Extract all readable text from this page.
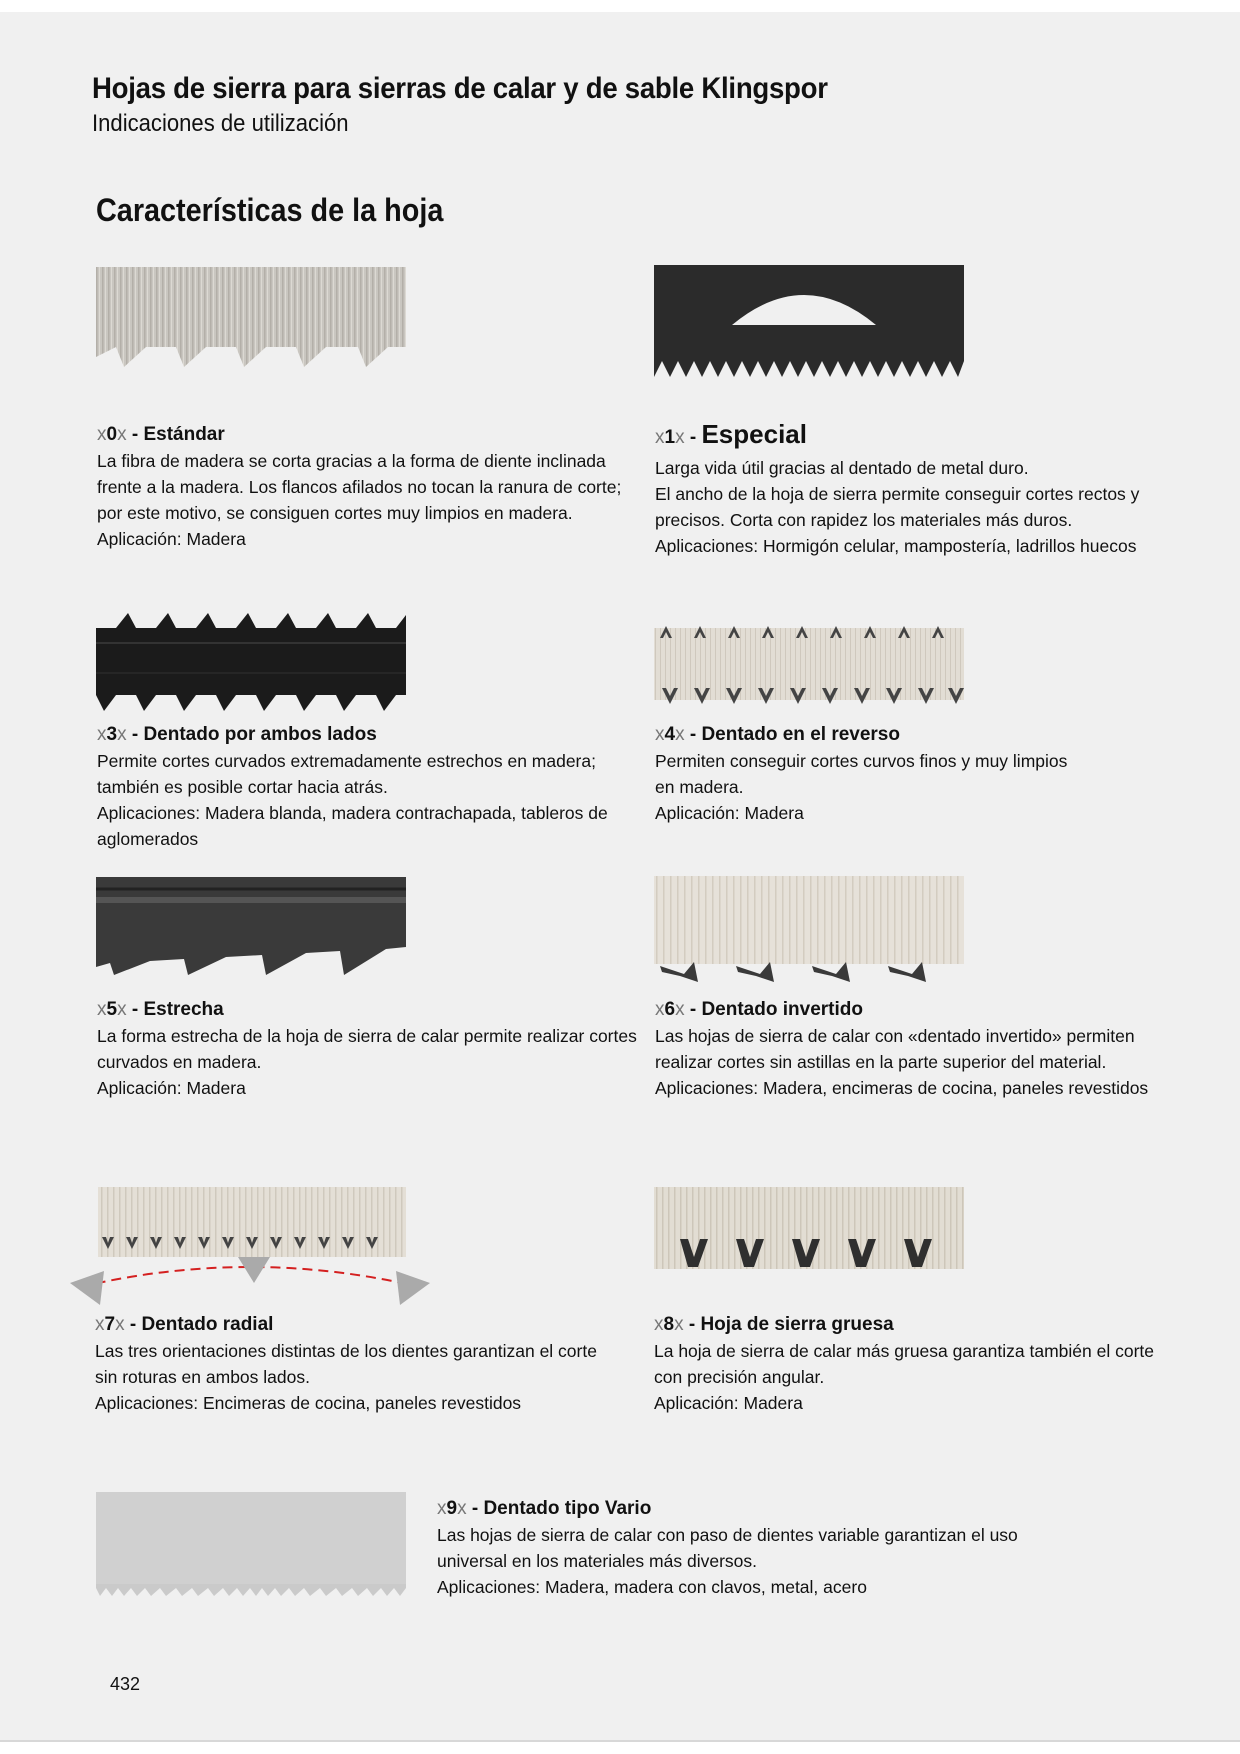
Hojas de sierra para sierras de calar y de sable Klingspor
Indicaciones de utilización
Características de la hoja
x0x - Estándar
La fibra de madera se corta gracias a la forma de diente inclinada
frente a la madera. Los flancos afilados no tocan la ranura de corte;
por este motivo, se consiguen cortes muy limpios en madera.
Aplicación: Madera
x1x - Especial
Larga vida útil gracias al dentado de metal duro.
El ancho de la hoja de sierra permite conseguir cortes rectos y
precisos. Corta con rapidez los materiales más duros.
Aplicaciones: Hormigón celular, mampostería, ladrillos huecos
x3x - Dentado por ambos lados
Permite cortes curvados extremadamente estrechos en madera;
también es posible cortar hacia atrás.
Aplicaciones: Madera blanda, madera contrachapada, tableros de
aglomerados
x4x - Dentado en el reverso
Permiten conseguir cortes curvos finos y muy limpios
en madera.
Aplicación: Madera
x5x - Estrecha
La forma estrecha de la hoja de sierra de calar permite realizar cortes
curvados en madera.
Aplicación: Madera
x6x - Dentado invertido
Las hojas de sierra de calar con «dentado invertido» permiten
realizar cortes sin astillas en la parte superior del material.
Aplicaciones: Madera, encimeras de cocina, paneles revestidos
x7x - Dentado radial
Las tres orientaciones distintas de los dientes garantizan el corte
sin roturas en ambos lados.
Aplicaciones: Encimeras de cocina, paneles revestidos
x8x - Hoja de sierra gruesa
La hoja de sierra de calar más gruesa garantiza también el corte
con precisión angular.
Aplicación: Madera
x9x - Dentado tipo Vario
Las hojas de sierra de calar con paso de dientes variable garantizan el uso
universal en los materiales más diversos.
Aplicaciones: Madera, madera con clavos, metal, acero
432
